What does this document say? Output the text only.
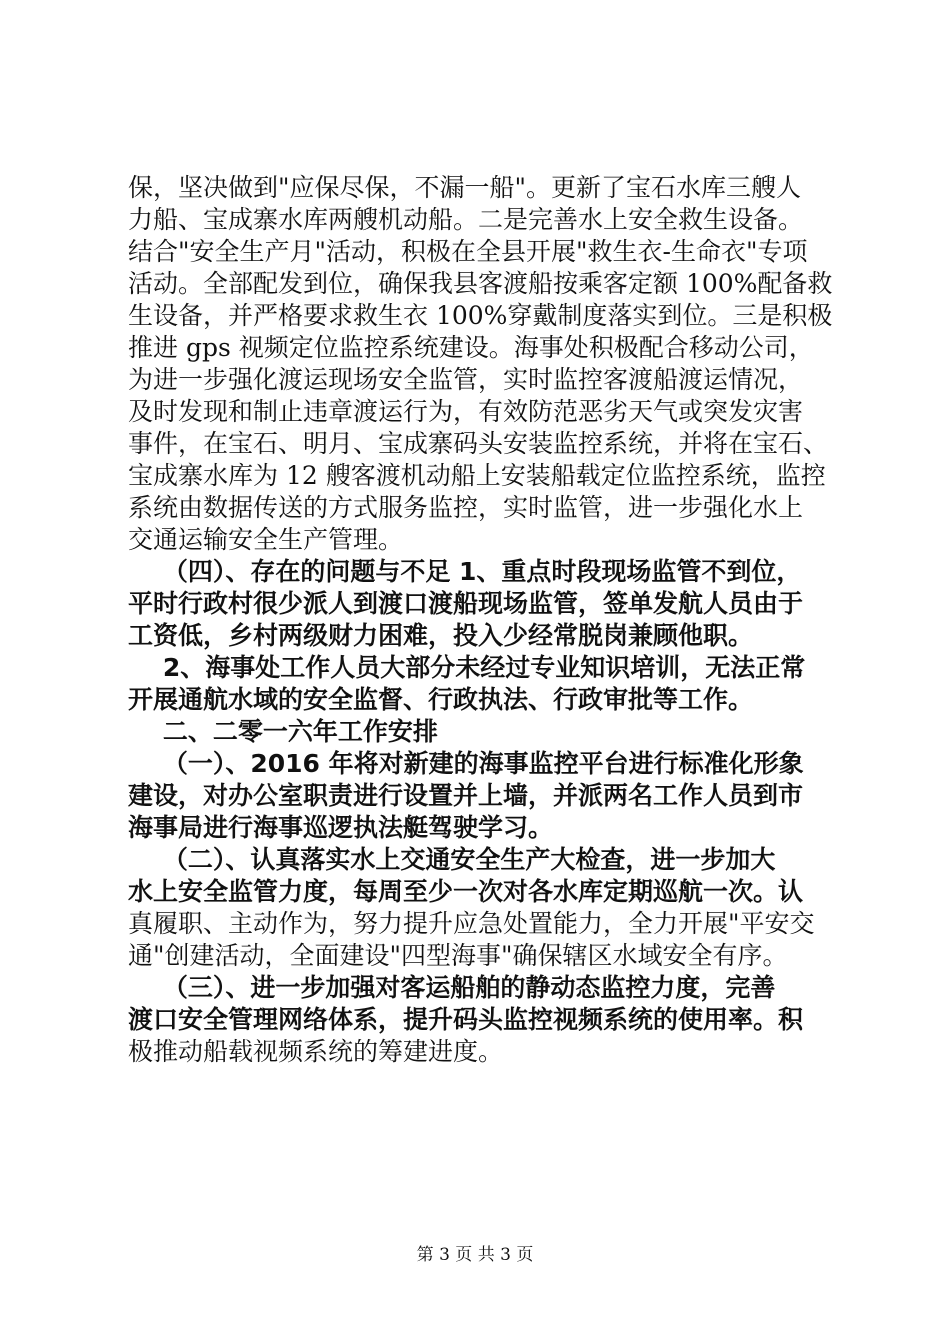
保，坚决做到"应保尽保，不漏一船"。更新了宝石水库三艘人
力船、宝成寨水库两艘机动船。二是完善水上安全救生设备。
结合"安全生产月"活动，积极在全县开展"救生衣-生命衣"专项
活动。全部配发到位，确保我县客渡船按乘客定额 100%配备救
生设备，并严格要求救生衣 100%穿戴制度落实到位。三是积极
推进 gps 视频定位监控系统建设。海事处积极配合移动公司，
为进一步强化渡运现场安全监管，实时监控客渡船渡运情况，
及时发现和制止违章渡运行为，有效防范恶劣天气或突发灾害
事件，在宝石、明月、宝成寨码头安装监控系统，并将在宝石、
宝成寨水库为 12 艘客渡机动船上安装船载定位监控系统，监控
系统由数据传送的方式服务监控，实时监管，进一步强化水上
交通运输安全生产管理。
（四）、存在的问题与不足 1、重点时段现场监管不到位，
平时行政村很少派人到渡口渡船现场监管，签单发航人员由于
工资低，乡村两级财力困难，投入少经常脱岗兼顾他职。
2、海事处工作人员大部分未经过专业知识培训，无法正常
开展通航水域的安全监督、行政执法、行政审批等工作。
二、二零一六年工作安排
（一）、2016 年将对新建的海事监控平台进行标准化形象
建设，对办公室职责进行设置并上墙，并派两名工作人员到市
海事局进行海事巡逻执法艇驾驶学习。
（二）、认真落实水上交通安全生产大检查，进一步加大
水上安全监管力度，每周至少一次对各水库定期巡航一次。认
真履职、主动作为，努力提升应急处置能力，全力开展"平安交
通"创建活动，全面建设"四型海事"确保辖区水域安全有序。
（三）、进一步加强对客运船舶的静动态监控力度，完善
渡口安全管理网络体系，提升码头监控视频系统的使用率。积
极推动船载视频系统的筹建进度。
第 3 页 共 3 页
